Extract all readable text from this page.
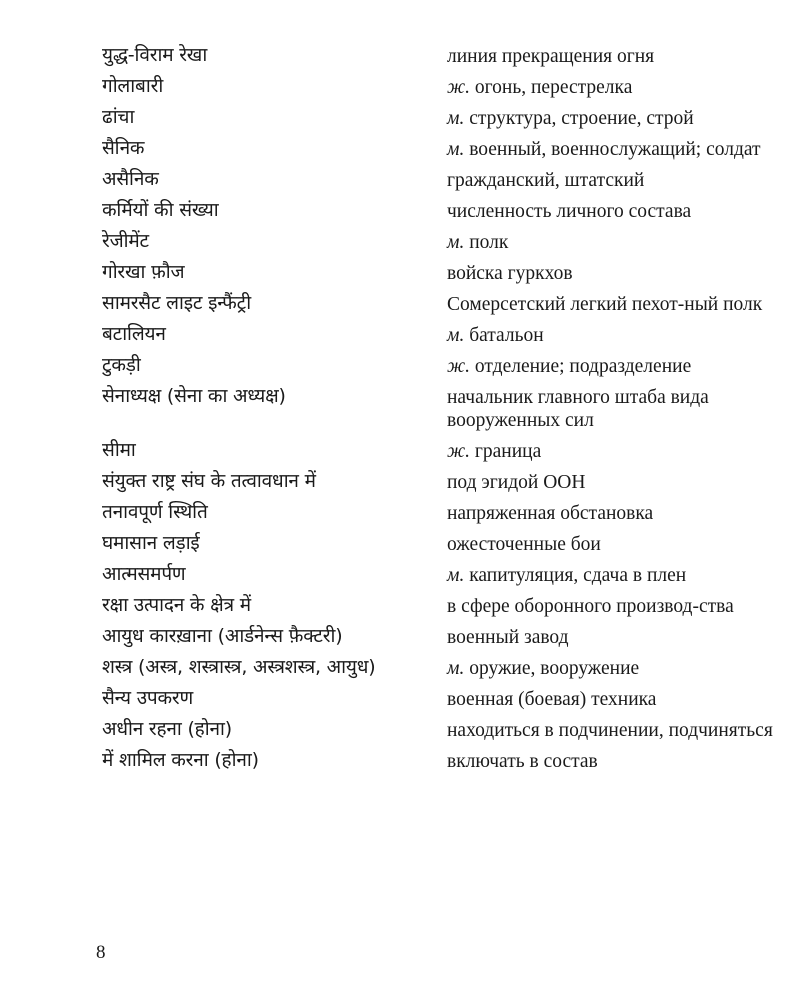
युद्ध-विराम रेखा	линия прекращения огня
गोलाबारी	ж. огонь, перестрелка
ढांचा	м. структура, строение, строй
सैनिक	м. военный, военнослужащий; солдат
असैनिक	гражданский, штатский
कर्मियों की संख्या	численность личного состава
रेजीमेंट	м. полк
गोरखा फ़ौज	войска гуркхов
सामरसैट लाइट इन्फैंट्री	Сомерсетский легкий пехот-ный полк
बटालियन	м. батальон
टुकड़ी	ж. отделение; подразделение
सेनाध्यक्ष (सेना का अध्यक्ष)	начальник главного штаба вида вооруженных сил
सीमा	ж. граница
संयुक्त राष्ट्र संघ के तत्वावधान में	под эгидой ООН
तनावपूर्ण स्थिति	напряженная обстановка
घमासान लड़ाई	ожесточенные бои
आत्मसमर्पण	м. капитуляция, сдача в плен
रक्षा उत्पादन के क्षेत्र में	в сфере оборонного производ-ства
आयुध कारख़ाना (आर्डनेन्स फ़ैक्टरी)	военный завод
शस्त्र (अस्त्र, शस्त्रास्त्र, अस्त्रशस्त्र, आयुध)	м. оружие, вооружение
सैन्य उपकरण	военная (боевая) техника
अधीन रहना (होना)	находиться в подчинении, подчиняться
में शामिल करना (होना)	включать в состав
8
